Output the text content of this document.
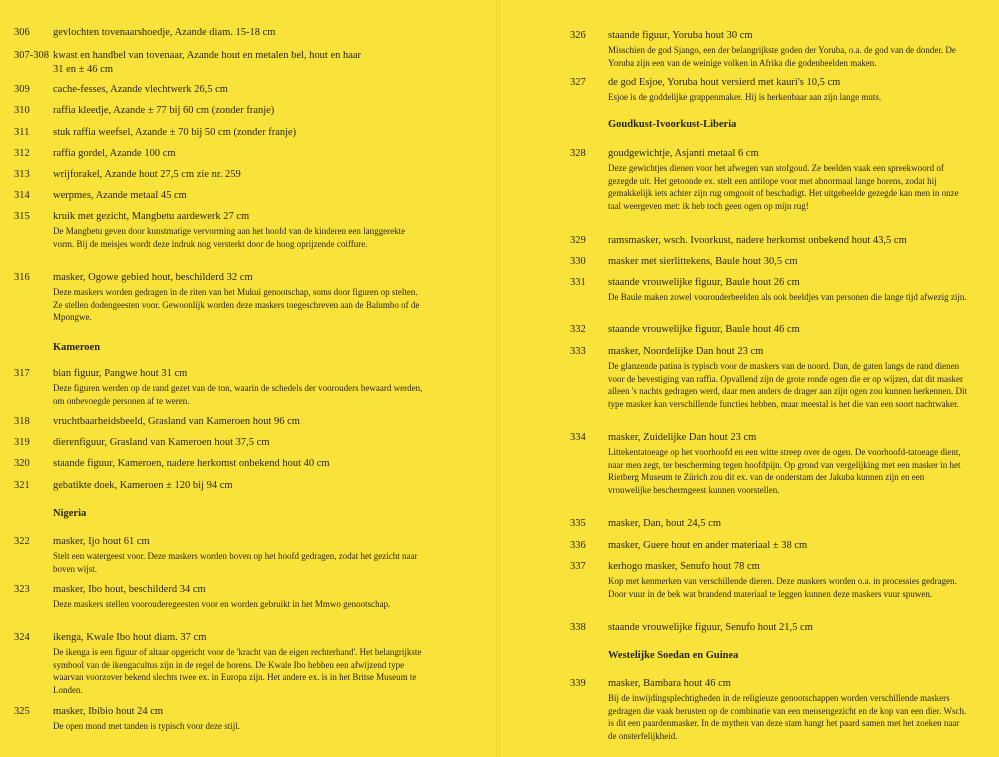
306 gevlochten tovenaarshoedje, Azande diam. 15-18 cm
307-308 kwast en handbel van tovenaar, Azande hout en metalen bel, hout en haar
31 en ± 46 cm
309 cache-fesses, Azande vlechtwerk 26,5 cm
310 raffia kleedje, Azande ± 77 bij 60 cm (zonder franje)
311 stuk raffia weefsel, Azande ± 70 bij 50 cm (zonder franje)
312 raffia gordel, Azande 100 cm
313 wrijforakel, Azande hout 27,5 cm zie nr. 259
314 werpmes, Azande metaal 45 cm
315 kruik met gezicht, Mangbetu aardewerk 27 cm
De Mangbetu geven door kunstmatige vervorming aan het hoofd van de kinderen een langgerekte vorm. Bij de meisjes wordt deze indruk nog versterkt door de hoog oprijzende coiffure.
316 masker, Ogowe gebied hout, beschilderd 32 cm
Deze maskers worden gedragen in de riten van het Mukui genootschap, soms door figuren op stelten. Ze stellen dodengeesten voor. Gewoonlijk worden deze maskers toegeschreven aan de Balumbo of de Mpongwe.
Kameroen
317 bian figuur, Pangwe hout 31 cm
Deze figuren werden op de rand gezet van de ton, waarin de schedels der voorouders bewaard werden, om onbevoegde personen af te weren.
318 vruchtbaarheidsbeeld, Grasland van Kameroen hout 96 cm
319 dierenfiguur, Grasland van Kameroen hout 37,5 cm
320 staande figuur, Kameroen, nadere herkomst onbekend hout 40 cm
321 gebatikte doek, Kameroen ± 120 bij 94 cm
Nigeria
322 masker, Ijo hout 61 cm
Stelt een watergeest voor. Deze maskers worden boven op het hoofd gedragen, zodat het gezicht naar boven wijst.
323 masker, Ibo hout, beschilderd 34 cm
Deze maskers stellen voorouderegeesten voor en worden gebruikt in het Mmwo genootschap.
324 ikenga, Kwale Ibo hout diam. 37 cm
De ikenga is een figuur of altaar opgericht voor de 'kracht van de eigen rechterhand'. Het belangrijkste symbool van de ikengacultus zijn in de regel de horens. De Kwale Ibo hebben een afwijzend type waarvan voorzover bekend slechts twee ex. in Europa zijn. Het andere ex. is in het Britse Museum te Londen.
325 masker, Ibibio hout 24 cm
De open mond met tanden is typisch voor deze stijl.
326 staande figuur, Yoruba hout 30 cm
Misschien de god Sjango, een der belangrijkste goden der Yoruba, o.a. de god van de donder. De Yoruba zijn een van de weinige volken in Afrika die godenbeelden maken.
327 de god Esjoe, Yoruba hout versierd met kauri's 10,5 cm
Esjoe is de goddelijke grappenmaker. Hij is herkenbaar aan zijn lange muts.
Goudkust-Ivoorkust-Liberia
328 goudgewichtje, Asjanti metaal 6 cm
Deze gewichtjes dienen voor het afwegen van stofgoud. Ze beelden vaak een spreekwoord of gezegde uit. Het getoonde ex. stelt een antilope voor met abnormaal lange horens, zodat hij gemakkelijk iets achter zijn rug omgooit of beschadigt. Het uitgebeelde gezegde kan men in onze taal weergeven met: ik heb toch geen ogen op mijn rug!
329 ramsmasker, wsch. Ivoorkust, nadere herkomst onbekend hout 43,5 cm
330 masker met sierlittekens, Baule hout 30,5 cm
331 staande vrouwelijke figuur, Baule hout 26 cm
De Baule maken zowel voorouderbeelden als ook beeldjes van personen die lange tijd afwezig zijn.
332 staande vrouwelijke figuur, Baule hout 46 cm
333 masker, Noordelijke Dan hout 23 cm
De glanzende patina is typisch voor de maskers van de noord. Dan, de gaten langs de rand dienen voor de bevestiging van raffia. Opvallend zijn de grote ronde ogen die er op wijzen, dat dit masker alleen 's nachts gedragen werd, daar men anders de drager aan zijn ogen zou kunnen herkennen. Dit type masker kan verschillende functies hebben, maar meestal is het die van een soort nachtwaker.
334 masker, Zuidelijke Dan hout 23 cm
Littekentatoeage op het voorhoofd en een witte streep over de ogen. De voorhoofd-tatoeage dient, naar men zegt, ter bescherming tegen hoofdpijn. Op grond van vergelijking met een masker in het Rietberg Museum te Zürich zou dit ex. van de onderstam der Jakuba kunnen zijn en een vrouwelijke beschermgeest kunnen voorstellen.
335 masker, Dan, hout 24,5 cm
336 masker, Guere hout en ander materiaal ± 38 cm
337 kerhogo masker, Senufo hout 78 cm
Kop met kenmerken van verschillende dieren. Deze maskers worden o.a. in processies gedragen. Door vuur in de bek wat brandend materiaal te leggen kunnen deze maskers vuur spuwen.
338 staande vrouwelijke figuur, Senufo hout 21,5 cm
Westelijke Soedan en Guinea
339 masker, Bambara hout 46 cm
Bij de inwijdingsplechtigheden in de religieuze genootschappen worden verschillende maskers gedragen die vaak berusten op de combinatie van een mensengezicht en de kop van een dier. Wsch. is dit een paardenmasker. In de mythen van deze stam hangt het paard samen met het zoeken naar de onsterfelijkheid.
